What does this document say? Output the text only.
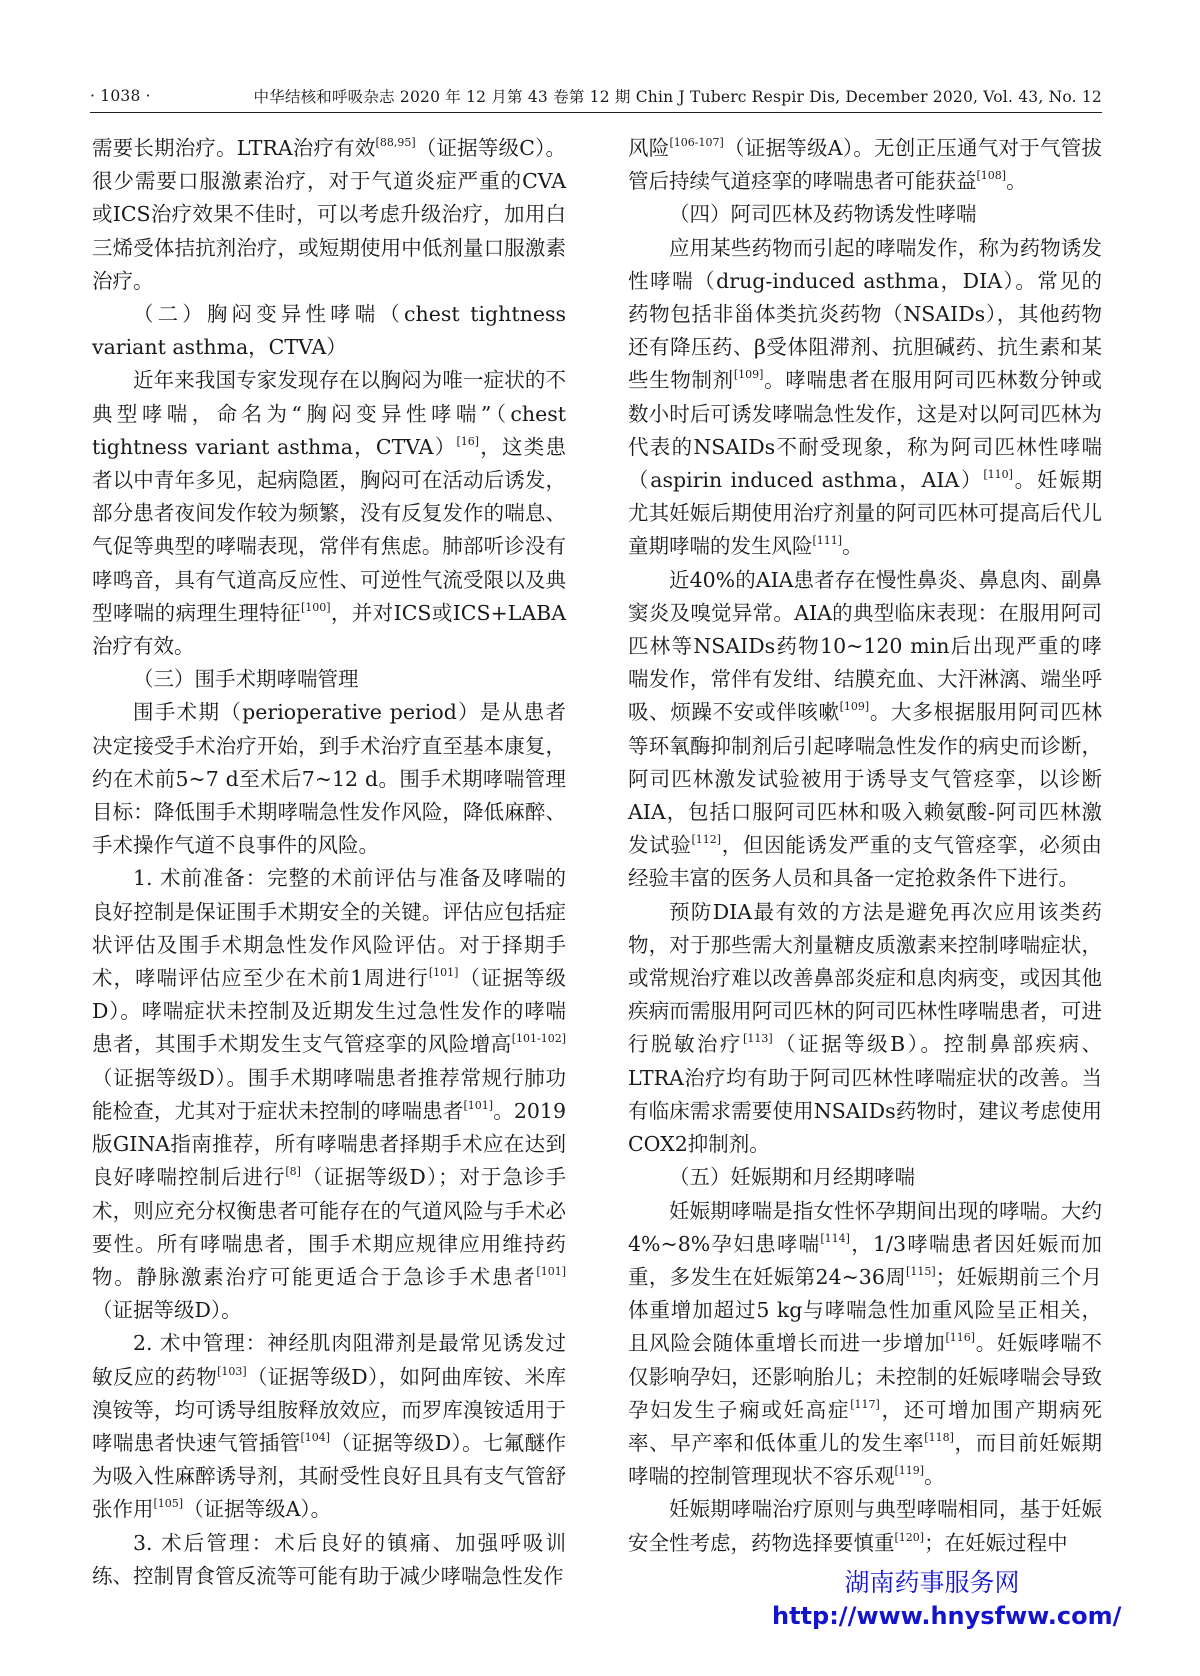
· 1038 ·	中华结核和呼吸杂志 2020 年 12 月第 43 卷第 12 期 Chin J Tuberc Respir Dis, December 2020, Vol. 43, No. 12

需要长期治疗。LTRA治疗有效[88,95]（证据等级C）。很少需要口服激素治疗，对于气道炎症严重的CVA或ICS治疗效果不佳时，可以考虑升级治疗，加用白三烯受体拮抗剂治疗，或短期使用中低剂量口服激素治疗。

（二）胸闷变异性哮喘（chest tightness variant asthma，CTVA）

近年来我国专家发现存在以胸闷为唯一症状的不典型哮喘，命名为“胸闷变异性哮喘”（chest tightness variant asthma，CTVA）[16]，这类患者以中青年多见，起病隐匿，胸闷可在活动后诱发，部分患者夜间发作较为频繁，没有反复发作的喘息、气促等典型的哮喘表现，常伴有焦虑。肺部听诊没有哮鸣音，具有气道高反应性、可逆性气流受限以及典型哮喘的病理生理特征[100]，并对ICS或ICS+LABA治疗有效。

（三）围手术期哮喘管理

围手术期（perioperative period）是从患者决定接受手术治疗开始，到手术治疗直至基本康复，约在术前5~7 d至术后7~12 d。围手术期哮喘管理目标：降低围手术期哮喘急性发作风险，降低麻醉、手术操作气道不良事件的风险。

1. 术前准备：完整的术前评估与准备及哮喘的良好控制是保证围手术期安全的关键。评估应包括症状评估及围手术期急性发作风险评估。对于择期手术，哮喘评估应至少在术前1周进行[101]（证据等级D）。哮喘症状未控制及近期发生过急性发作的哮喘患者，其围手术期发生支气管痉挛的风险增高[101-102]（证据等级D）。围手术期哮喘患者推荐常规行肺功能检查，尤其对于症状未控制的哮喘患者[101]。2019版GINA指南推荐，所有哮喘患者择期手术应在达到良好哮喘控制后进行[8]（证据等级D）；对于急诊手术，则应充分权衡患者可能存在的气道风险与手术必要性。所有哮喘患者，围手术期应规律应用维持药物。静脉激素治疗可能更适合于急诊手术患者[101]（证据等级D）。

2. 术中管理：神经肌肉阻滞剂是最常见诱发过敏反应的药物[103]（证据等级D），如阿曲库铵、米库溴铵等，均可诱导组胺释放效应，而罗库溴铵适用于哮喘患者快速气管插管[104]（证据等级D）。七氟醚作为吸入性麻醉诱导剂，其耐受性良好且具有支气管舒张作用[105]（证据等级A）。

3. 术后管理：术后良好的镇痛、加强呼吸训练、控制胃食管反流等可能有助于减少哮喘急性发作

风险[106-107]（证据等级A）。无创正压通气对于气管拔管后持续气道痉挛的哮喘患者可能获益[108]。

（四）阿司匹林及药物诱发性哮喘

应用某些药物而引起的哮喘发作，称为药物诱发性哮喘（drug-induced asthma，DIA）。常见的药物包括非甾体类抗炎药物（NSAIDs），其他药物还有降压药、β受体阻滞剂、抗胆碱药、抗生素和某些生物制剂[109]。哮喘患者在服用阿司匹林数分钟或数小时后可诱发哮喘急性发作，这是对以阿司匹林为代表的NSAIDs不耐受现象，称为阿司匹林性哮喘（aspirin induced asthma，AIA）[110]。妊娠期尤其妊娠后期使用治疗剂量的阿司匹林可提高后代儿童期哮喘的发生风险[111]。

近40%的AIA患者存在慢性鼻炎、鼻息肉、副鼻窦炎及嗅觉异常。AIA的典型临床表现：在服用阿司匹林等NSAIDs药物10~120 min后出现严重的哮喘发作，常伴有发绀、结膜充血、大汗淋漓、端坐呼吸、烦躁不安或伴咳嗽[109]。大多根据服用阿司匹林等环氧酶抑制剂后引起哮喘急性发作的病史而诊断，阿司匹林激发试验被用于诱导支气管痉挛，以诊断AIA，包括口服阿司匹林和吸入赖氨酸-阿司匹林激发试验[112]，但因能诱发严重的支气管痉挛，必须由经验丰富的医务人员和具备一定抢救条件下进行。

预防DIA最有效的方法是避免再次应用该类药物，对于那些需大剂量糖皮质激素来控制哮喘症状，或常规治疗难以改善鼻部炎症和息肉病变，或因其他疾病而需服用阿司匹林的阿司匹林性哮喘患者，可进行脱敏治疗[113]（证据等级B）。控制鼻部疾病、LTRA治疗均有助于阿司匹林性哮喘症状的改善。当有临床需求需要使用NSAIDs药物时，建议考虑使用COX2抑制剂。

（五）妊娠期和月经期哮喘

妊娠期哮喘是指女性怀孕期间出现的哮喘。大约4%~8%孕妇患哮喘[114]，1/3哮喘患者因妊娠而加重，多发生在妊娠第24~36周[115]；妊娠期前三个月体重增加超过5 kg与哮喘急性加重风险呈正相关，且风险会随体重增长而进一步增加[116]。妊娠哮喘不仅影响孕妇，还影响胎儿；未控制的妊娠哮喘会导致孕妇发生子痫或妊高症[117]，还可增加围产期病死率、早产率和低体重儿的发生率[118]，而目前妊娠期哮喘的控制管理现状不容乐观[119]。

妊娠期哮喘治疗原则与典型哮喘相同，基于妊娠安全性考虑，药物选择要慎重[120]；在妊娠过程中

湖南药事服务网
http://www.hnysfww.com/
